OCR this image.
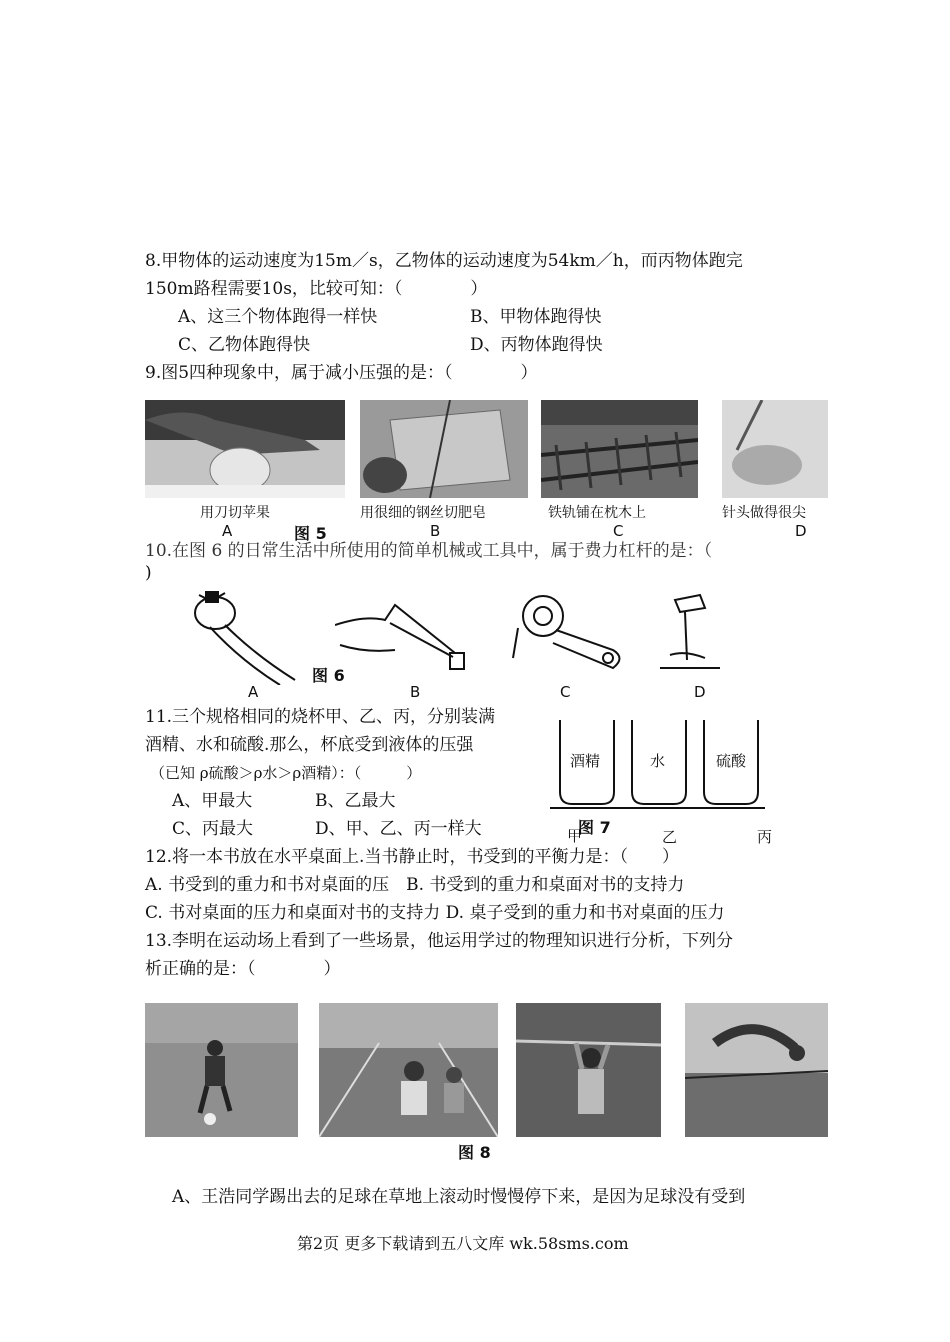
8.甲物体的运动速度为15m／s，乙物体的运动速度为54km／h，而丙物体跑完
150m路程需要10s，比较可知：（　　　　）
A、这三个物体跑得一样快	B、甲物体跑得快
C、乙物体跑得快	D、丙物体跑得快
9.图5四种现象中，属于减小压强的是：（　　　　）
用刀切苹果	用很细的钢丝切肥皂	铁轨铺在枕木上	针头做得很尖
A	图 5	B	C	D
10.在图 6 的日常生活中所使用的简单机械或工具中，属于费力杠杆的是：（
)
图 6
A	B	C	D
11.三个规格相同的烧杯甲、乙、丙，分别装满
酒精、水和硫酸.那么，杯底受到液体的压强
（已知 ρ硫酸＞ρ水＞ρ酒精）：（　　　）
A、甲最大	B、乙最大
C、丙最大	D、甲、乙、丙一样大
酒精	水	硫酸
甲
图 7	乙	丙
12.将一本书放在水平桌面上.当书静止时，书受到的平衡力是：（　　）
A. 书受到的重力和书对桌面的压　B. 书受到的重力和桌面对书的支持力
C. 书对桌面的压力和桌面对书的支持力 D. 桌子受到的重力和书对桌面的压力
13.李明在运动场上看到了一些场景，他运用学过的物理知识进行分析，下列分
析正确的是：（　　　　）
图 8
A、王浩同学踢出去的足球在草地上滚动时慢慢停下来，是因为足球没有受到
第2页 更多下载请到五八文库 wk.58sms.com
